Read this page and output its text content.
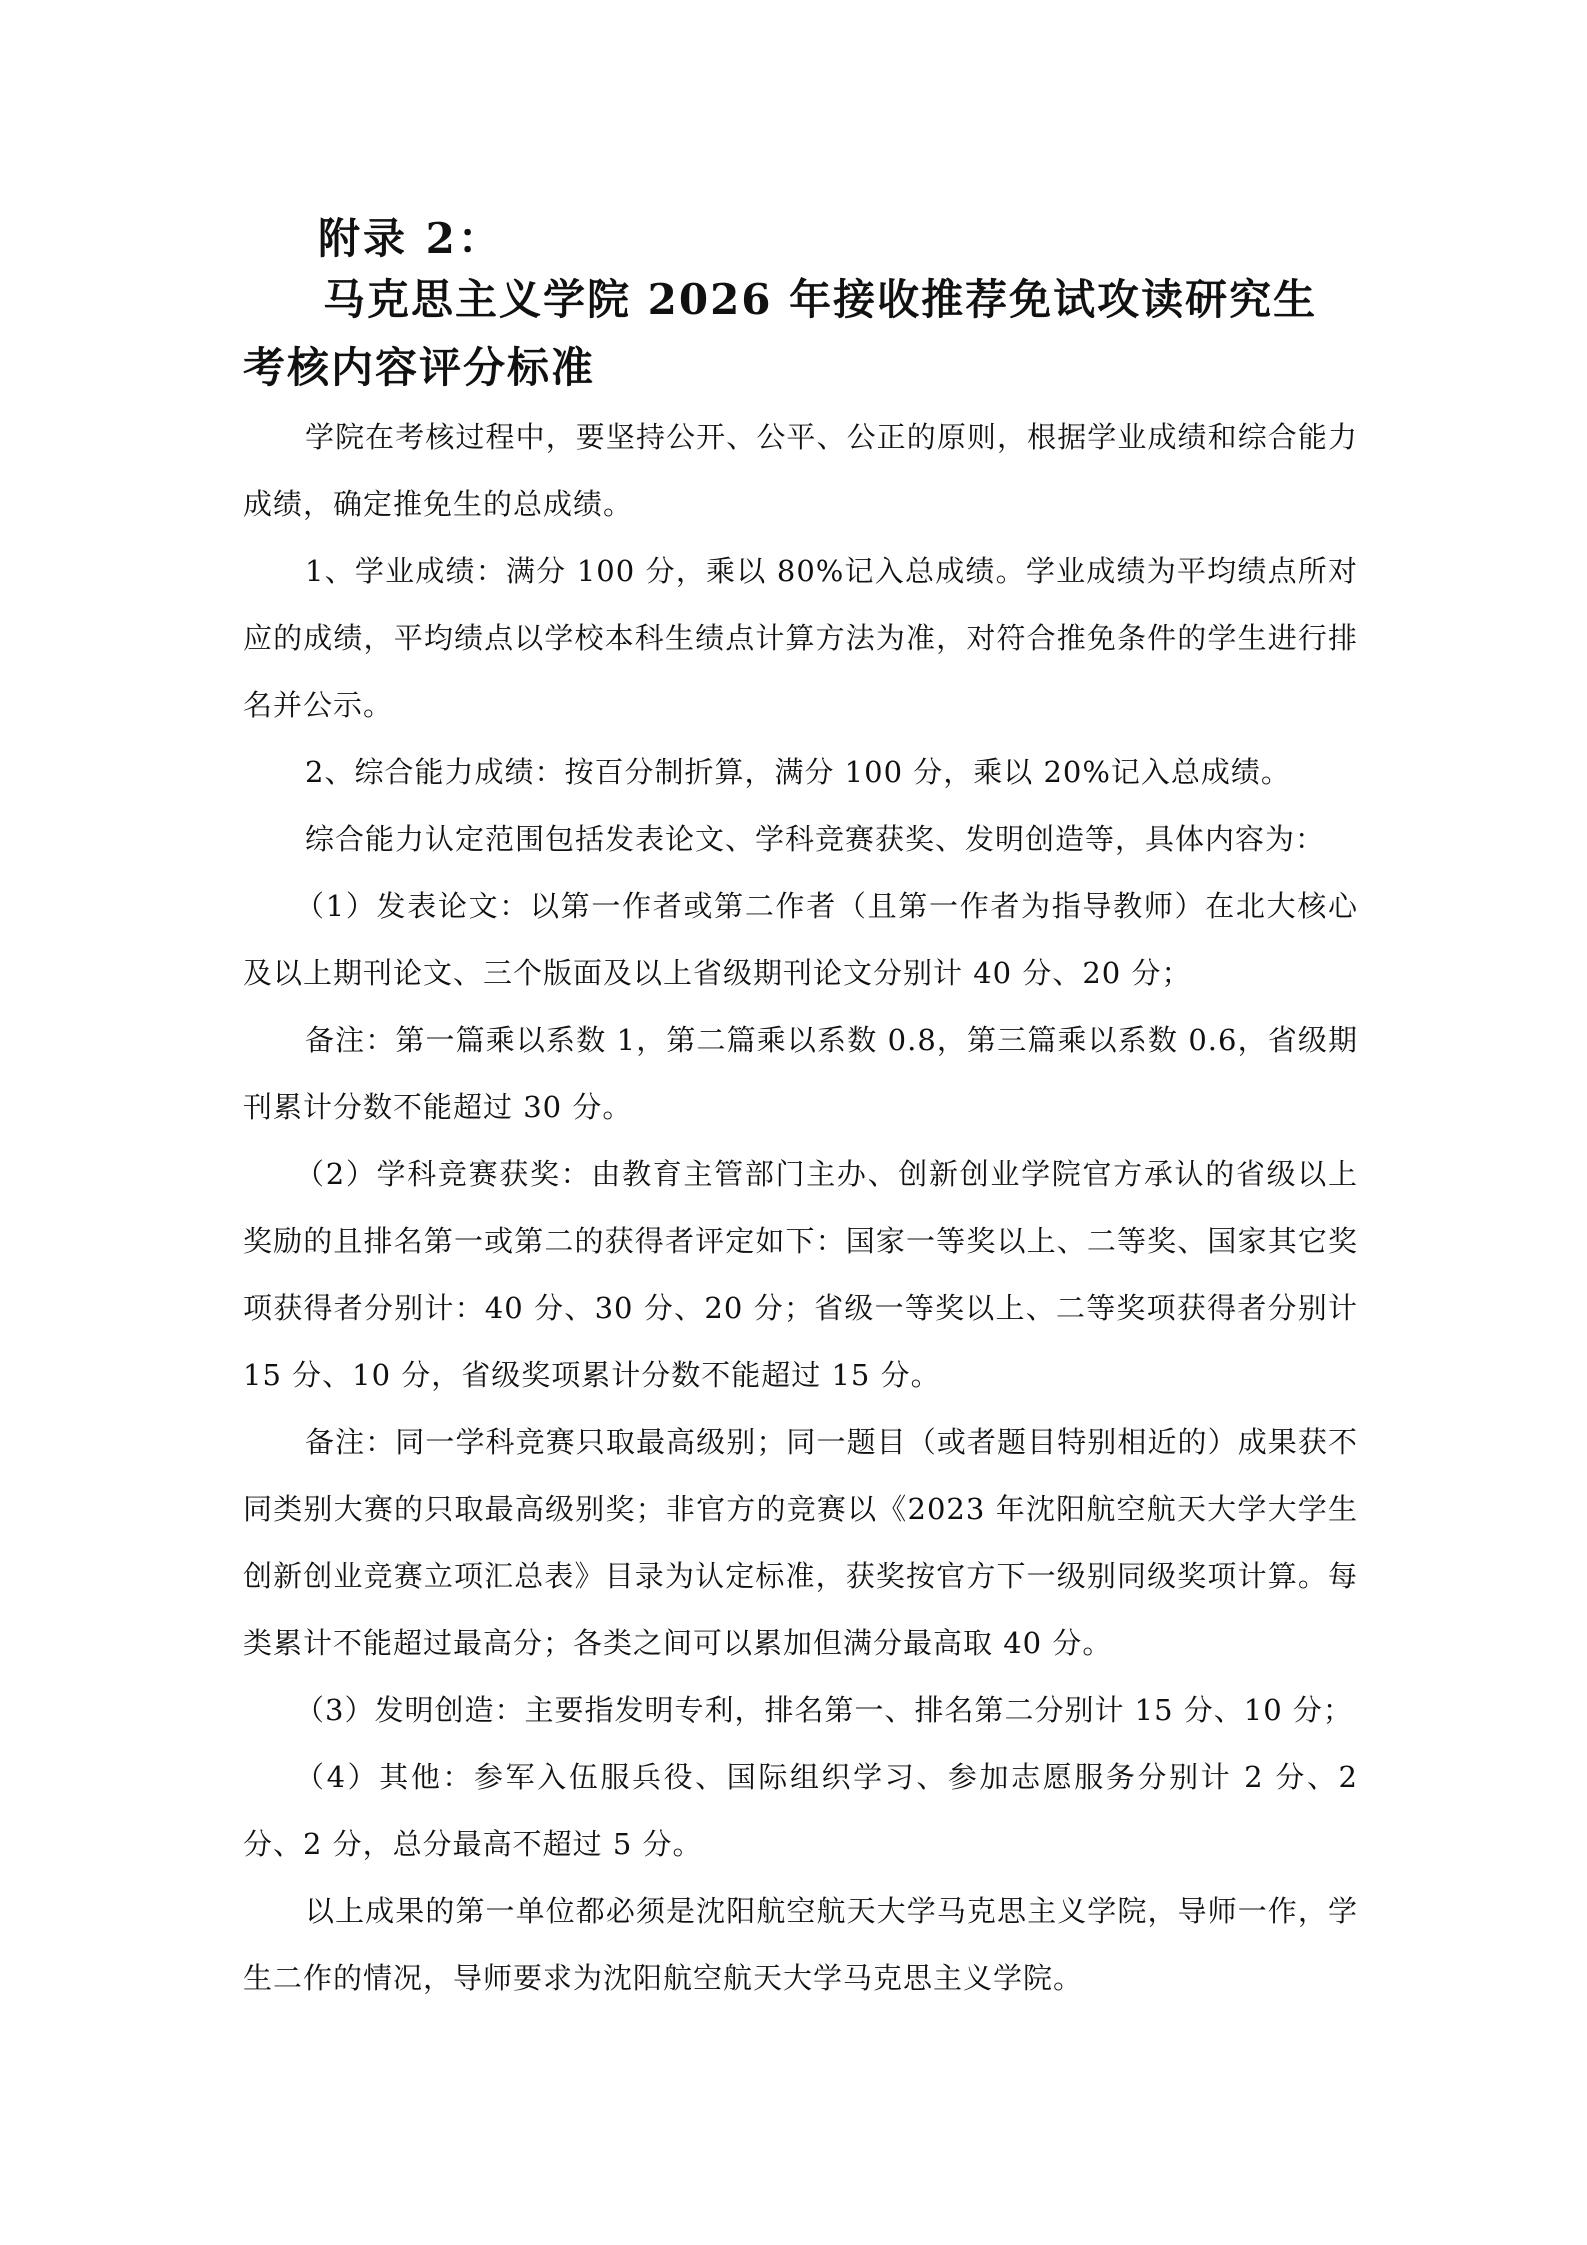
附录 2：
马克思主义学院 2026 年接收推荐免试攻读研究生考核内容评分标准

学院在考核过程中，要坚持公开、公平、公正的原则，根据学业成绩和综合能力成绩，确定推免生的总成绩。

1、学业成绩：满分 100 分，乘以 80%记入总成绩。学业成绩为平均绩点所对应的成绩，平均绩点以学校本科生绩点计算方法为准，对符合推免条件的学生进行排名并公示。

2、综合能力成绩：按百分制折算，满分 100 分，乘以 20%记入总成绩。

综合能力认定范围包括发表论文、学科竞赛获奖、发明创造等，具体内容为：

（1）发表论文：以第一作者或第二作者（且第一作者为指导教师）在北大核心及以上期刊论文、三个版面及以上省级期刊论文分别计 40 分、20 分；

备注：第一篇乘以系数 1，第二篇乘以系数 0.8，第三篇乘以系数 0.6，省级期刊累计分数不能超过 30 分。

（2）学科竞赛获奖：由教育主管部门主办、创新创业学院官方承认的省级以上奖励的且排名第一或第二的获得者评定如下：国家一等奖以上、二等奖、国家其它奖项获得者分别计：40 分、30 分、20 分；省级一等奖以上、二等奖项获得者分别计 15 分、10 分，省级奖项累计分数不能超过 15 分。

备注：同一学科竞赛只取最高级别；同一题目（或者题目特别相近的）成果获不同类别大赛的只取最高级别奖；非官方的竞赛以《2023 年沈阳航空航天大学大学生创新创业竞赛立项汇总表》目录为认定标准，获奖按官方下一级别同级奖项计算。每类累计不能超过最高分；各类之间可以累加但满分最高取 40 分。

（3）发明创造：主要指发明专利，排名第一、排名第二分别计 15 分、10 分；

（4）其他：参军入伍服兵役、国际组织学习、参加志愿服务分别计 2 分、2 分、2 分，总分最高不超过 5 分。

以上成果的第一单位都必须是沈阳航空航天大学马克思主义学院，导师一作，学生二作的情况，导师要求为沈阳航空航天大学马克思主义学院。
